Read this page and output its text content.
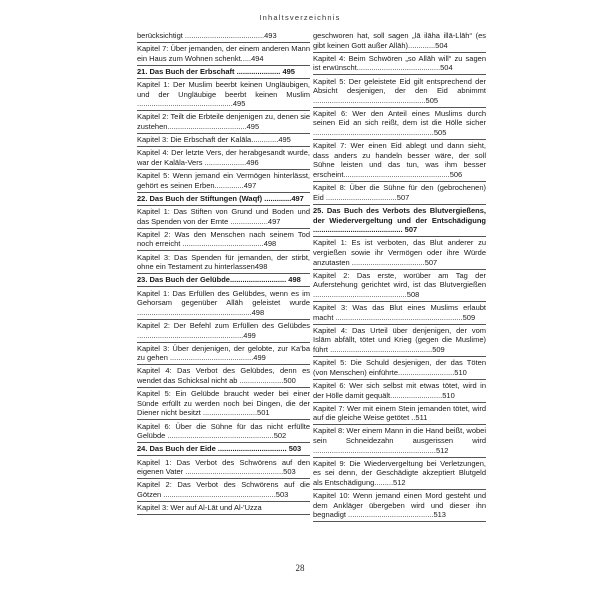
Inhaltsverzeichnis

berücksichtigt ......................................493

Kapitel 7: Über jemanden, der einem anderen Mann ein Haus zum Wohnen schenkt.....494

21. Das Buch der Erbschaft ..................... 495

Kapitel 1: Der Muslim beerbt keinen Ungläubigen, und der Ungläubige beerbt keinen Muslim ..............................................495

Kapitel 2: Teilt die Erbteile denjenigen zu, denen sie zustehen......................................495

Kapitel 3: Die Erbschaft der Kalāla.............495

Kapitel 4: Der letzte Vers, der herabgesandt wurde, war der Kalāla-Vers ....................496

Kapitel 5: Wenn jemand ein Vermögen hinterlässt, gehört es seinen Erben..............497

22. Das Buch der Stiftungen (Waqf) .............497

Kapitel 1: Das Stiften von Grund und Boden und das Spenden von der Ernte ..................497

Kapitel 2: Was den Menschen nach seinem Tod noch erreicht .......................................498

Kapitel 3: Das Spenden für jemanden, der stirbt, ohne ein Testament zu hinterlassen498

23. Das Buch der Gelübde........................... 498

Kapitel 1: Das Erfüllen des Gelübdes, wenn es im Gehorsam gegenüber Allāh geleistet wurde .......................................................498

Kapitel 2: Der Befehl zum Erfüllen des Gelübdes ...................................................499

Kapitel 3: Über denjenigen, der gelobte, zur Ka'ba zu gehen ........................................499

Kapitel 4: Das Verbot des Gelübdes, denn es wendet das Schicksal nicht ab .....................500

Kapitel 5: Ein Gelübde braucht weder bei einer Sünde erfüllt zu werden noch bei Dingen, die der Diener nicht besitzt ..........................501

Kapitel 6: Über die Sühne für das nicht erfüllte Gelübde ...................................................502

24. Das Buch der Eide ................................. 503

Kapitel 1: Das Verbot des Schwörens auf den eigenen Vater ...............................................503

Kapitel 2: Das Verbot des Schwörens auf die Götzen ......................................................503

Kapitel 3: Wer auf Al-Lāt und Al-'Uzza

geschworen hat, soll sagen „lā ilāha illā-Llāh“ (es gibt keinen Gott außer Allāh).............504

Kapitel 4: Beim Schwören „so Allāh will“ zu sagen ist erwünscht........................................504

Kapitel 5: Der geleistete Eid gilt entsprechend der Absicht desjenigen, der den Eid abnimmt ......................................................505

Kapitel 6: Wer den Anteil eines Muslims durch seinen Eid an sich reißt, dem ist die Hölle sicher ..........................................................505

Kapitel 7: Wer einen Eid ablegt und dann sieht, dass anders zu handeln besser wäre, der soll Sühne leisten und das tun, was ihm besser erscheint...................................................506

Kapitel 8: Über die Sühne für den (gebrochenen) Eid ..................................507

25. Das Buch des Verbots des Blutvergießens, der Wiedervergeltung und der Entschädigung ........................................... 507

Kapitel 1: Es ist verboten, das Blut anderer zu vergießen sowie ihr Vermögen oder ihre Würde anzutasten ...................................507

Kapitel 2: Das erste, worüber am Tag der Auferstehung gerichtet wird, ist das Blutvergießen .............................................508

Kapitel 3: Was das Blut eines Muslims erlaubt macht .............................................................509

Kapitel 4: Das Urteil über denjenigen, der vom Islām abfällt, tötet und Krieg (gegen die Muslime) führt .................................................509

Kapitel 5: Die Schuld desjenigen, der das Töten (von Menschen) einführte...........................510

Kapitel 6: Wer sich selbst mit etwas tötet, wird in der Hölle damit gequält.........................510

Kapitel 7: Wer mit einem Stein jemanden tötet, wird auf die gleiche Weise getötet ..511

Kapitel 8: Wer einem Mann in die Hand beißt, wobei sein Schneidezahn ausgerissen wird ...........................................................512

Kapitel 9: Die Wiedervergeltung bei Verletzungen, es sei denn, der Geschädigte akzeptiert Blutgeld als Entschädigung.........512

Kapitel 10: Wenn jemand einen Mord gesteht und dem Ankläger übergeben wird und dieser ihn begnadigt .........................................513

28
